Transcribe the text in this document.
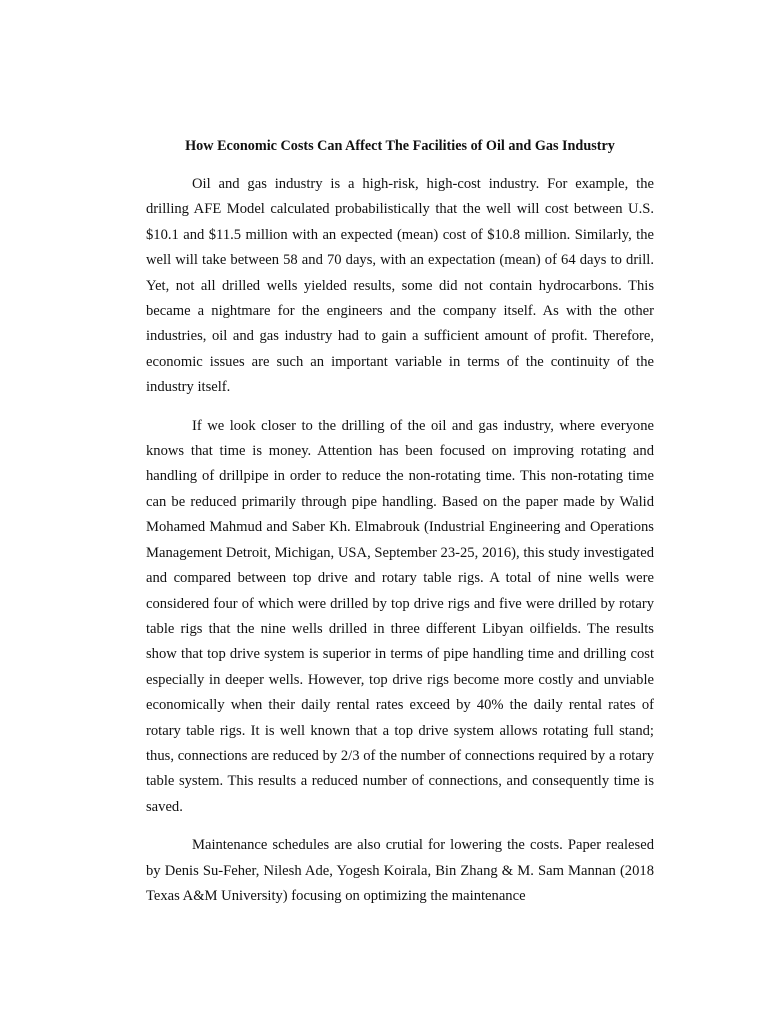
How Economic Costs Can Affect The Facilities of Oil and Gas Industry

Oil and gas industry is a high-risk, high-cost industry. For example, the drilling AFE Model calculated probabilistically that the well will cost between U.S. $10.1 and $11.5 million with an expected (mean) cost of $10.8 million. Similarly, the well will take between 58 and 70 days, with an expectation (mean) of 64 days to drill. Yet, not all drilled wells yielded results, some did not contain hydrocarbons. This became a nightmare for the engineers and the company itself. As with the other industries, oil and gas industry had to gain a sufficient amount of profit. Therefore, economic issues are such an important variable in terms of the continuity of the industry itself.

If we look closer to the drilling of the oil and gas industry, where everyone knows that time is money. Attention has been focused on improving rotating and handling of drillpipe in order to reduce the non-rotating time. This non-rotating time can be reduced primarily through pipe handling. Based on the paper made by Walid Mohamed Mahmud and Saber Kh. Elmabrouk (Industrial Engineering and Operations Management Detroit, Michigan, USA, September 23-25, 2016), this study investigated and compared between top drive and rotary table rigs. A total of nine wells were considered four of which were drilled by top drive rigs and five were drilled by rotary table rigs that the nine wells drilled in three different Libyan oilfields. The results show that top drive system is superior in terms of pipe handling time and drilling cost especially in deeper wells. However, top drive rigs become more costly and unviable economically when their daily rental rates exceed by 40% the daily rental rates of rotary table rigs. It is well known that a top drive system allows rotating full stand; thus, connections are reduced by 2/3 of the number of connections required by a rotary table system. This results a reduced number of connections, and consequently time is saved.

Maintenance schedules are also crutial for lowering the costs. Paper realesed by Denis Su-Feher, Nilesh Ade, Yogesh Koirala, Bin Zhang & M. Sam Mannan (2018 Texas A&M University) focusing on optimizing the maintenance
